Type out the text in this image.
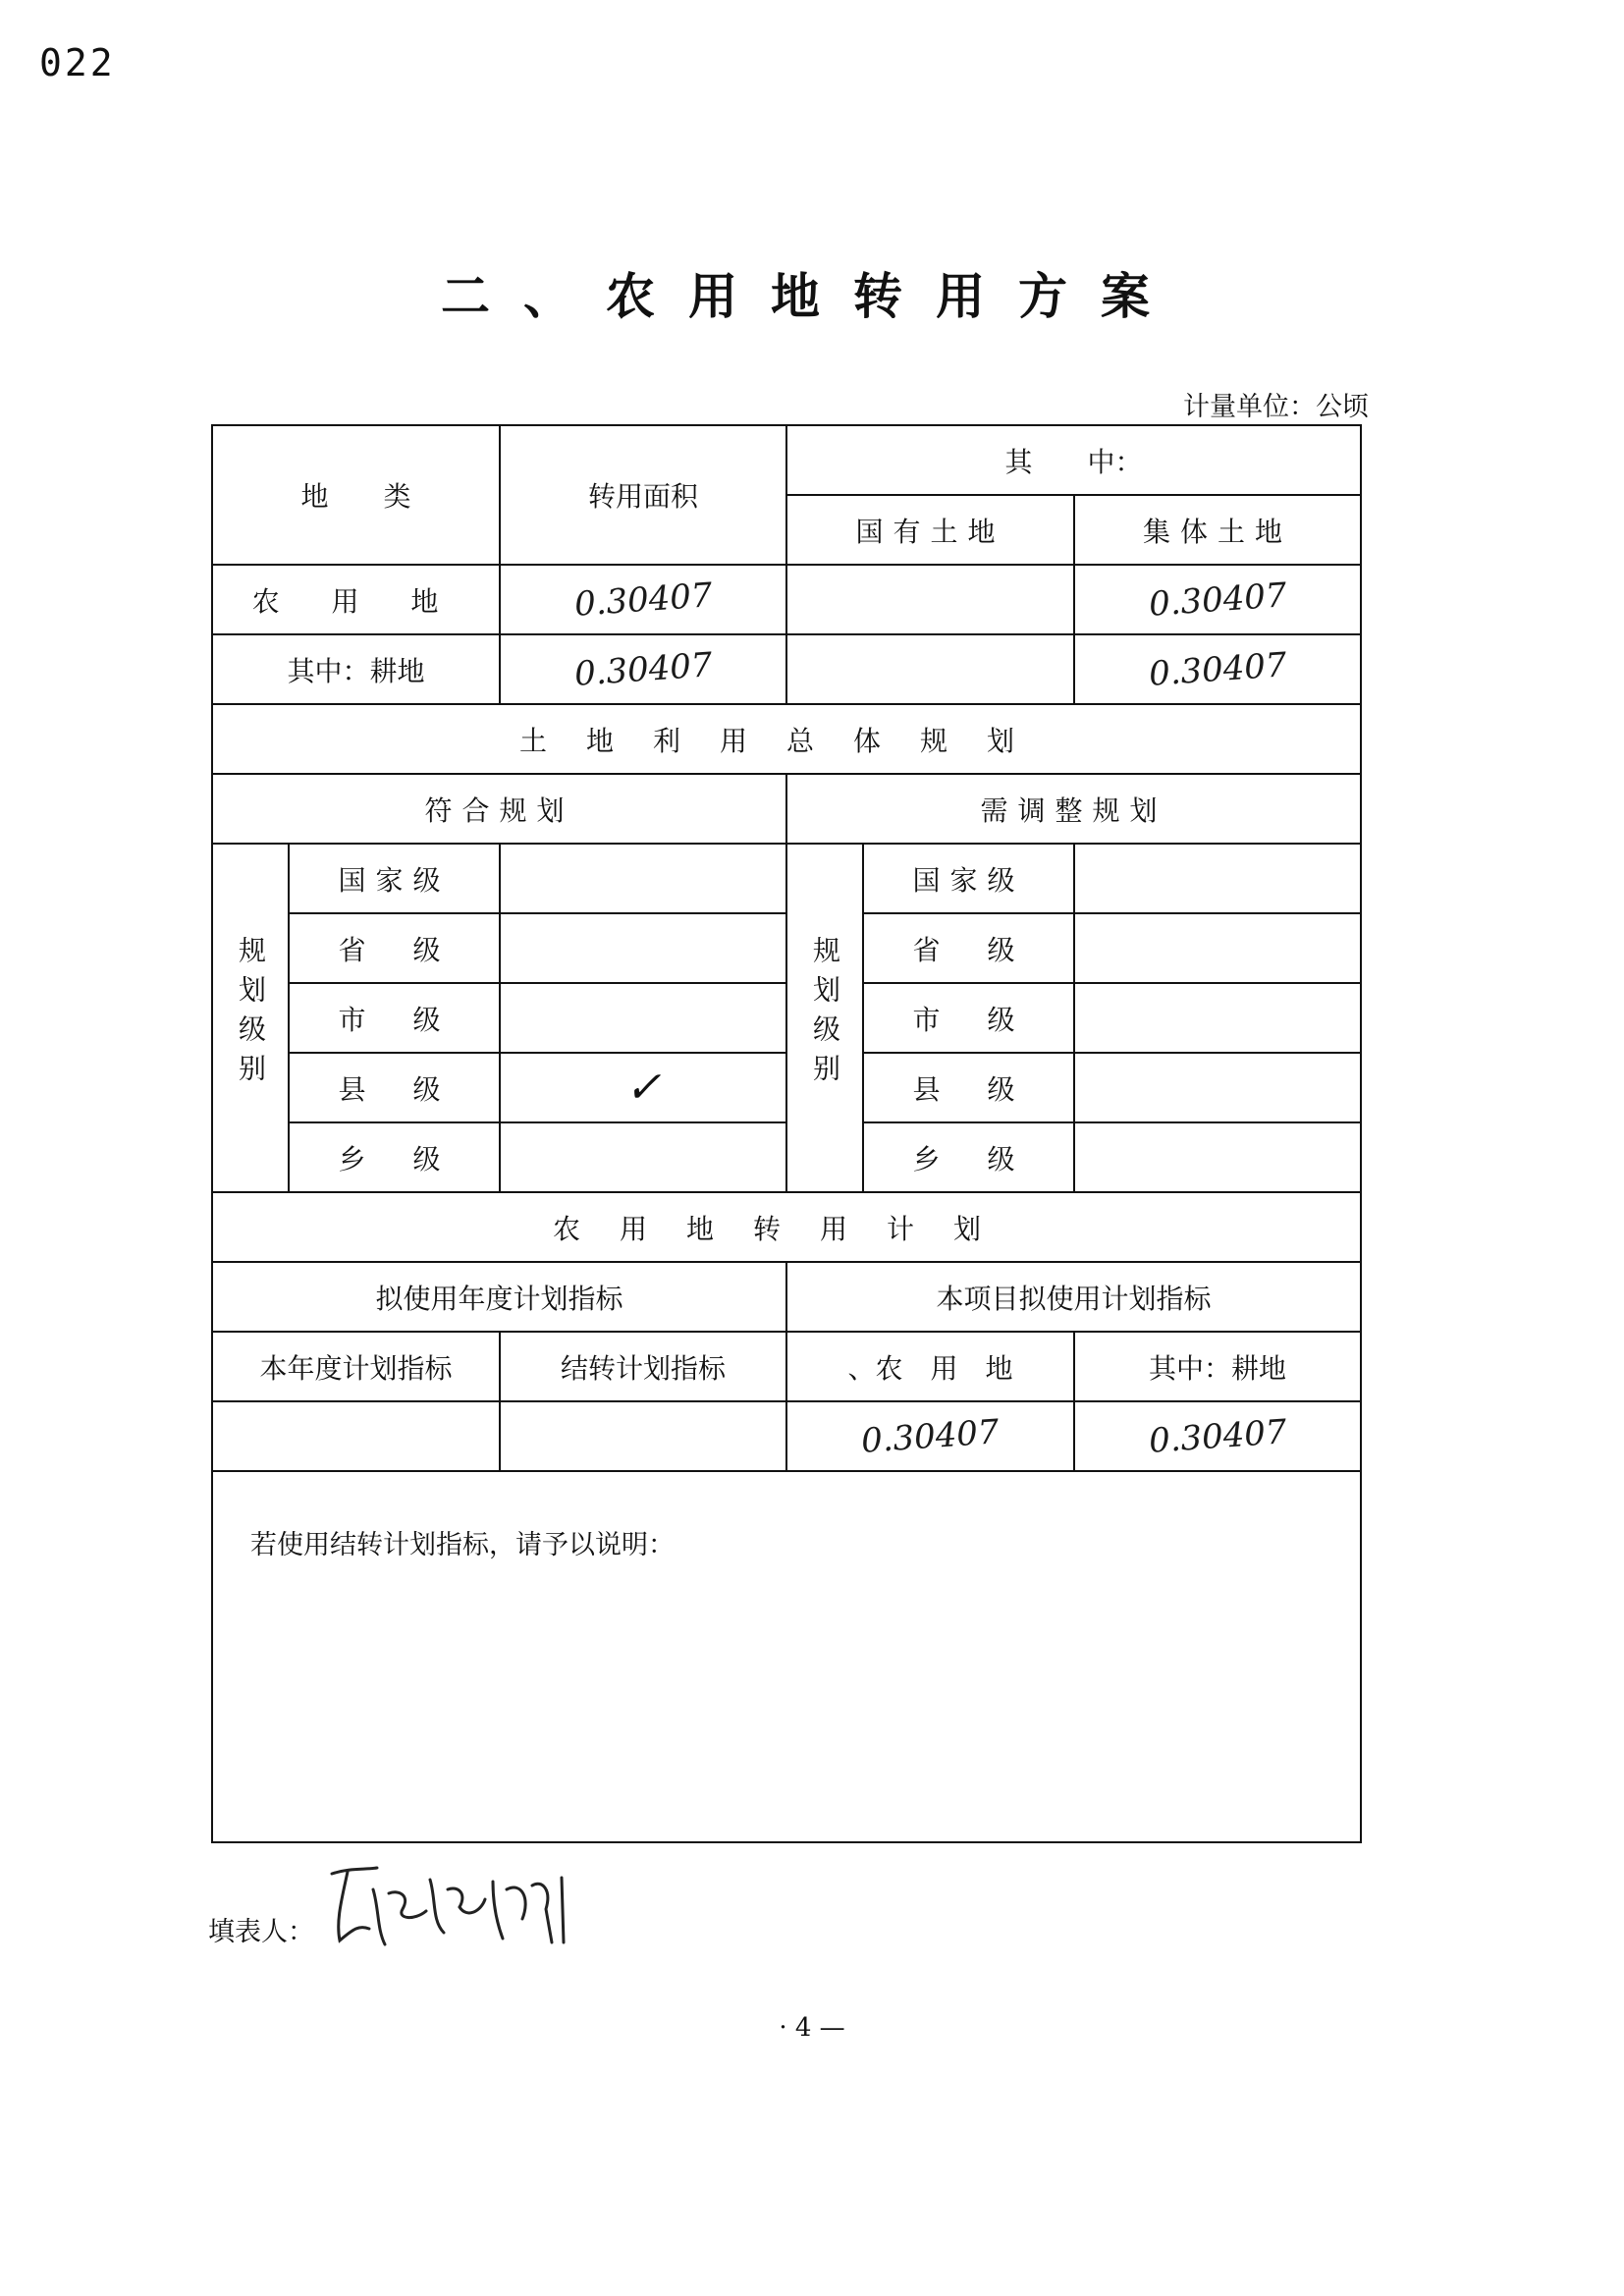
022
二、农用地转用方案
计量单位：公顷
地　　类		转用面积	其　　中：		
			国有土地		集体土地
农 用 地		0.30407			0.30407
其中：耕地		0.30407			0.30407
土地利用总体规划					
符合规划			需调整规划		
规划级别	国家级		规划级别	国家级	
	省　级			省　级	
	市　级			市　级	
	县　级	✓		县　级	
	乡　级			乡　级	
农用地转用计划					
拟使用年度计划指标			本项目拟使用计划指标		
本年度计划指标		结转计划指标	、农　用　地		其中：耕地
			0.30407		0.30407

若使用结转计划指标，请予以说明：					
填表人：
· 4 —
